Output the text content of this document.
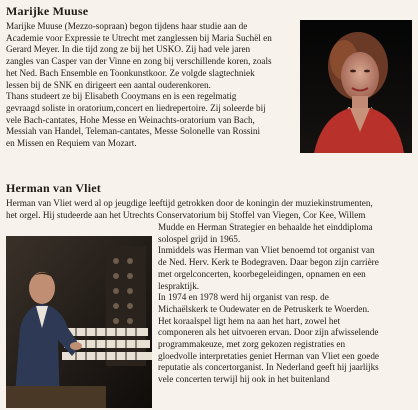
Marijke Muuse
Marijke Muuse (Mezzo-sopraan) begon tijdens haar studie aan de
Academie voor Expressie te Utrecht met zanglessen bij Maria Suchël en
Gerard Meyer. In die tijd zong ze bij het USKO. Zij had vele jaren
zangles van Casper van der Vinne en zong bij verschillende koren, zoals
het Ned. Bach Ensemble en Toonkunstkoor. Ze volgde slagtechniek
lessen bij de SNK en dirigeert een aantal ouderenkoren.
Thans studeert ze bij Elisabeth Cooymans en is een regelmatig
gevraagd soliste in oratorium,concert en liedrepertoire. Zij soleerde bij
vele Bach-cantates, Hohe Messe en Weinachts-oratorium van Bach,
Messiah van Handel, Teleman-cantates, Messe Solonelle van Rossini
en Missen en Requiem van Mozart.
Herman van Vliet
Herman van Vliet werd al op jeugdige leeftijd getrokken door de koningin der muziekinstrumenten,
het orgel. Hij studeerde aan het Utrechts Conservatorium bij Stoffel van Viegen, Cor Kee, Willem
Mudde en Herman Strategier en behaalde het einddiploma
solospel grijd in 1965.
Inmiddels was Herman van Vliet benoemd tot organist van
de Ned. Herv. Kerk te Bodegraven. Daar begon zijn carrière
met orgelconcerten, koorbegeleidingen, opnamen en een
lespraktijk.
In 1974 en 1978 werd hij organist van resp. de
Michaëlskerk te Oudewater en de Petruskerk te Woerden.
Het koraalspel ligt hem na aan het hart, zowel het
componeren als het uitvoeren ervan. Door zijn afwisselende
programmakeuze, met zorg gekozen registraties en
gloedvolle interpretaties geniet Herman van Vliet een goede
reputatie als concertorganist. In Nederland geeft hij jaarlijks
vele concerten terwijl hij ook in het buitenland
